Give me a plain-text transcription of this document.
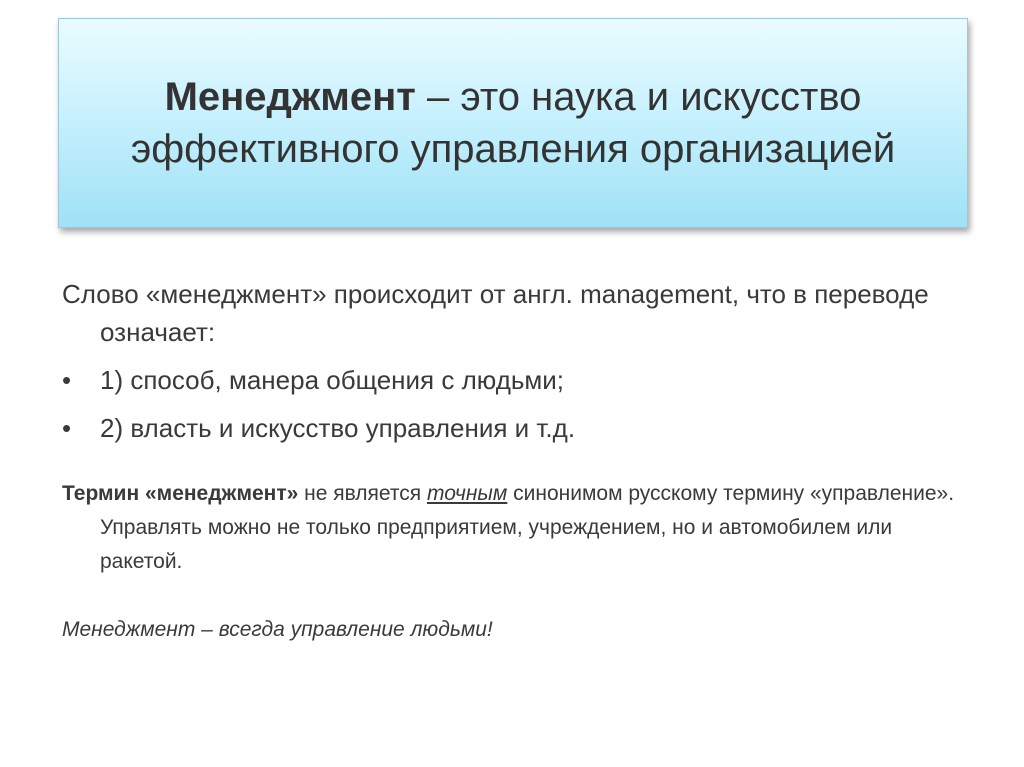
Менеджмент – это наука и искусство
эффективного управления организацией

Слово «менеджмент» происходит от англ. management, что в переводе означает:

• 1) способ, манера общения с людьми;
• 2) власть и искусство управления и т.д.
Термин «менеджмент» не является точным синонимом русскому термину «управление». Управлять можно не только предприятием, учреждением, но и автомобилем или ракетой.
Менеджмент – всегда управление людьми!
